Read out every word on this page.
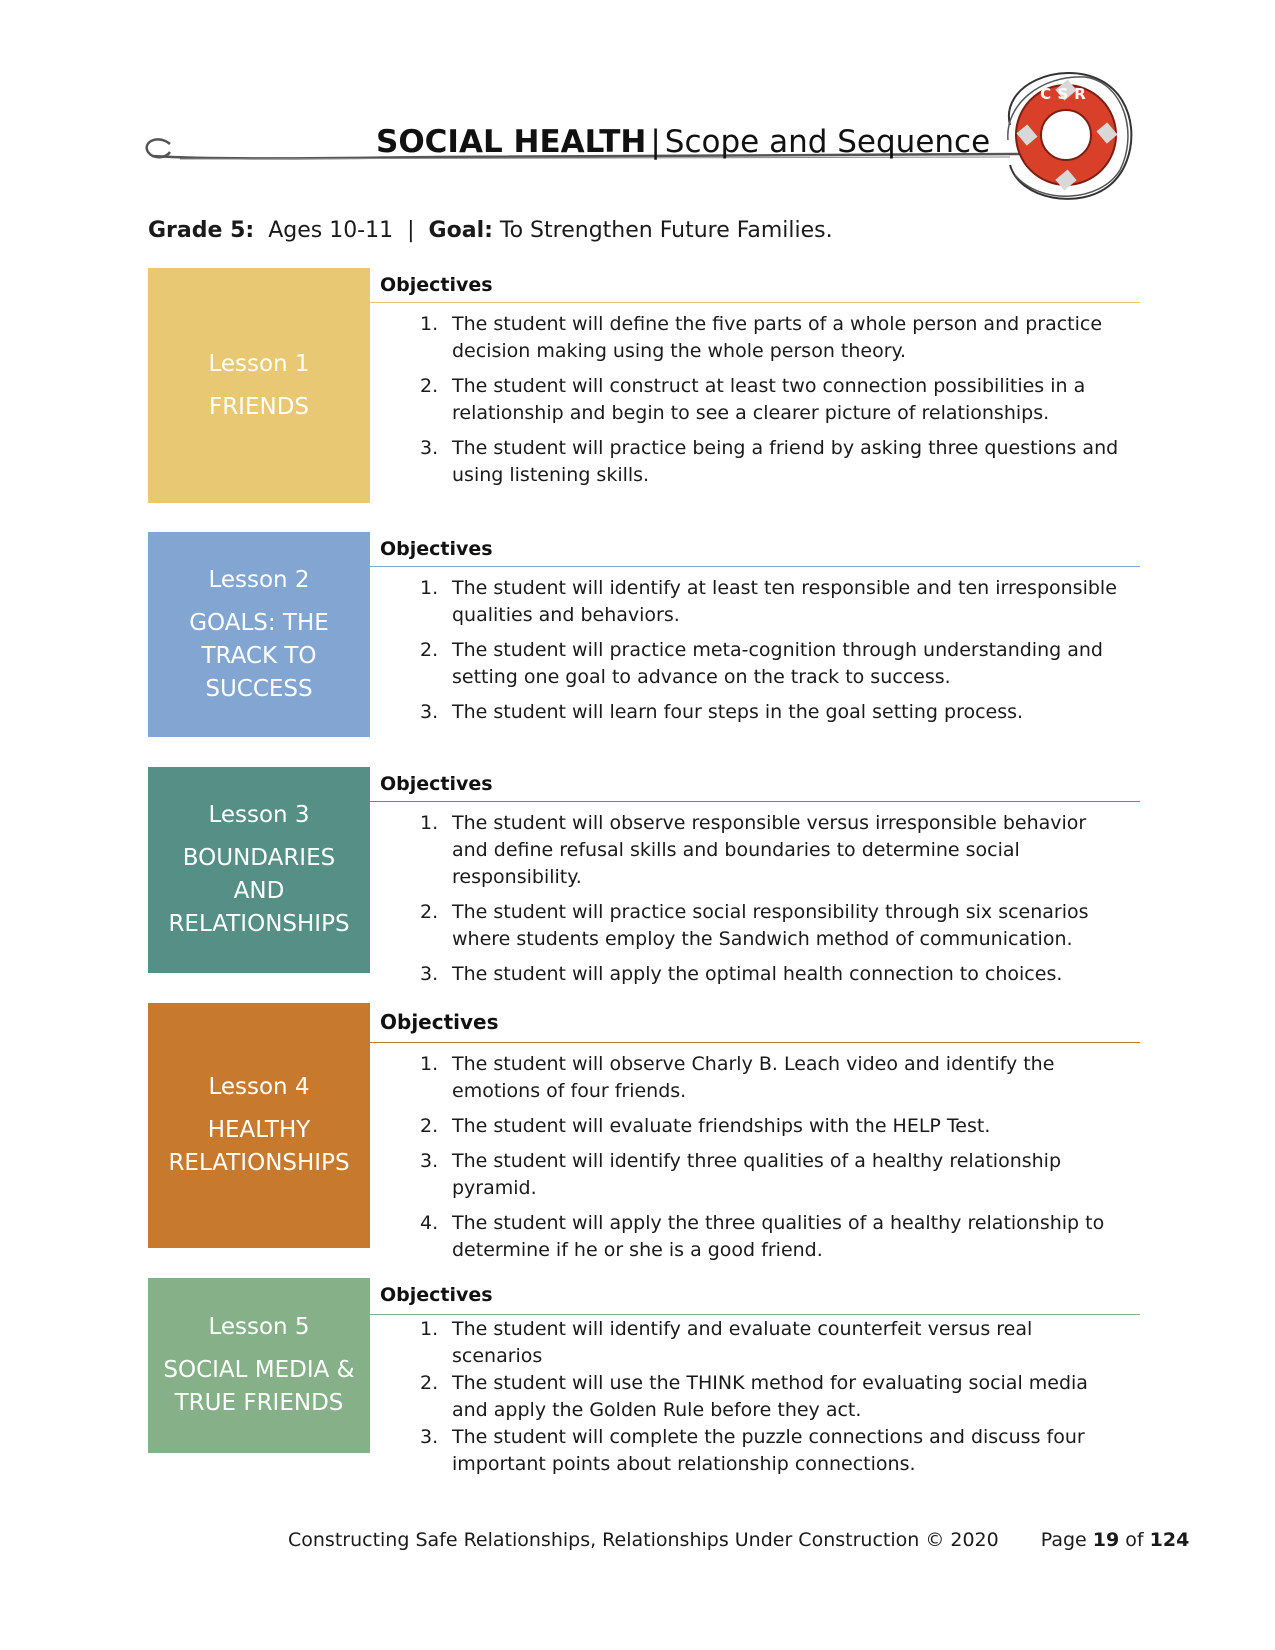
SOCIAL HEALTH | Scope and Sequence
CSR
Grade 5: Ages 10-11 | Goal: To Strengthen Future Families.
Lesson 1
FRIENDS
Objectives
1. The student will define the five parts of a whole person and practice decision making using the whole person theory.
2. The student will construct at least two connection possibilities in a relationship and begin to see a clearer picture of relationships.
3. The student will practice being a friend by asking three questions and using listening skills.
Lesson 2
GOALS: THE TRACK TO SUCCESS
Objectives
1. The student will identify at least ten responsible and ten irresponsible qualities and behaviors.
2. The student will practice meta-cognition through understanding and setting one goal to advance on the track to success.
3. The student will learn four steps in the goal setting process.
Lesson 3
BOUNDARIES AND RELATIONSHIPS
Objectives
1. The student will observe responsible versus irresponsible behavior and define refusal skills and boundaries to determine social responsibility.
2. The student will practice social responsibility through six scenarios where students employ the Sandwich method of communication.
3. The student will apply the optimal health connection to choices.
Lesson 4
HEALTHY RELATIONSHIPS
Objectives
1. The student will observe Charly B. Leach video and identify the emotions of four friends.
2. The student will evaluate friendships with the HELP Test.
3. The student will identify three qualities of a healthy relationship pyramid.
4. The student will apply the three qualities of a healthy relationship to determine if he or she is a good friend.
Lesson 5
SOCIAL MEDIA & TRUE FRIENDS
Objectives
1. The student will identify and evaluate counterfeit versus real scenarios
2. The student will use the THINK method for evaluating social media and apply the Golden Rule before they act.
3. The student will complete the puzzle connections and discuss four important points about relationship connections.
Constructing Safe Relationships, Relationships Under Construction © 2020 Page 19 of 124
